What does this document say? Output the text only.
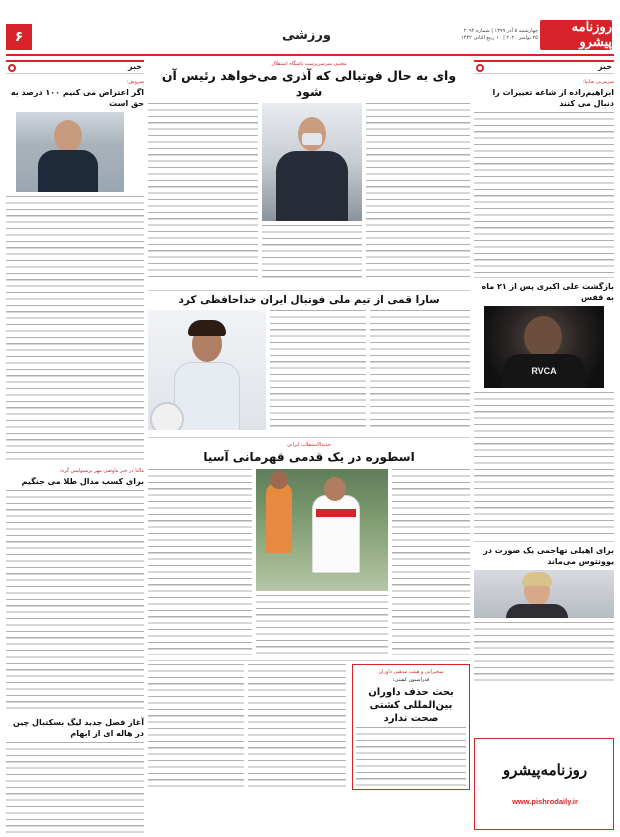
۶	ورزشی	چهارشنبه ۵ آذر ۱۳۹۹ | شماره ۲۰۹۲
۲۵ نوامبر ۲۰۲۰ | ۱۰ ربیع الثانی ۱۴۴۲
روزنامه پیشرو
خبر
سرمربی سایپا:
ابراهیم‌زاده از شاغه تغییرات را دنبال می کنند
بازگشت علی اکبری پس از ۲۱ ماه به قفس
RVCA
برای اهیلی تهاجمی یک صورت در یوونتوس می‌ماند
روزنامه‌پیشرو
www.pishrodaily.ir
خبر
سروش:
اگر اعتراض می کنیم ۱۰۰ درصد به حق است
مالتا در خبر ماوضی مهر پرسپولیس گره:
برای کسب مدال طلا می جنگیم
آغاز فصل جدید لیگ بسکتبال چین در هاله ای از ابهام
مجتبی سرسرپرست باشگاه استقلال
وای به حال فوتبالی که آذری می‌خواهد رئیس آن شود
سارا قمی از تیم ملی فوتبال ایران خداحافظی کرد
جدیدالاستقلاب ایرانی
اسطوره در یک قدمی قهرمانی آسیا
سخنرانی و هیئت مذهبی داوران
فدراسیون کشتی:
بحث حذف داوران بین‌المللی کشتی صحت ندارد
